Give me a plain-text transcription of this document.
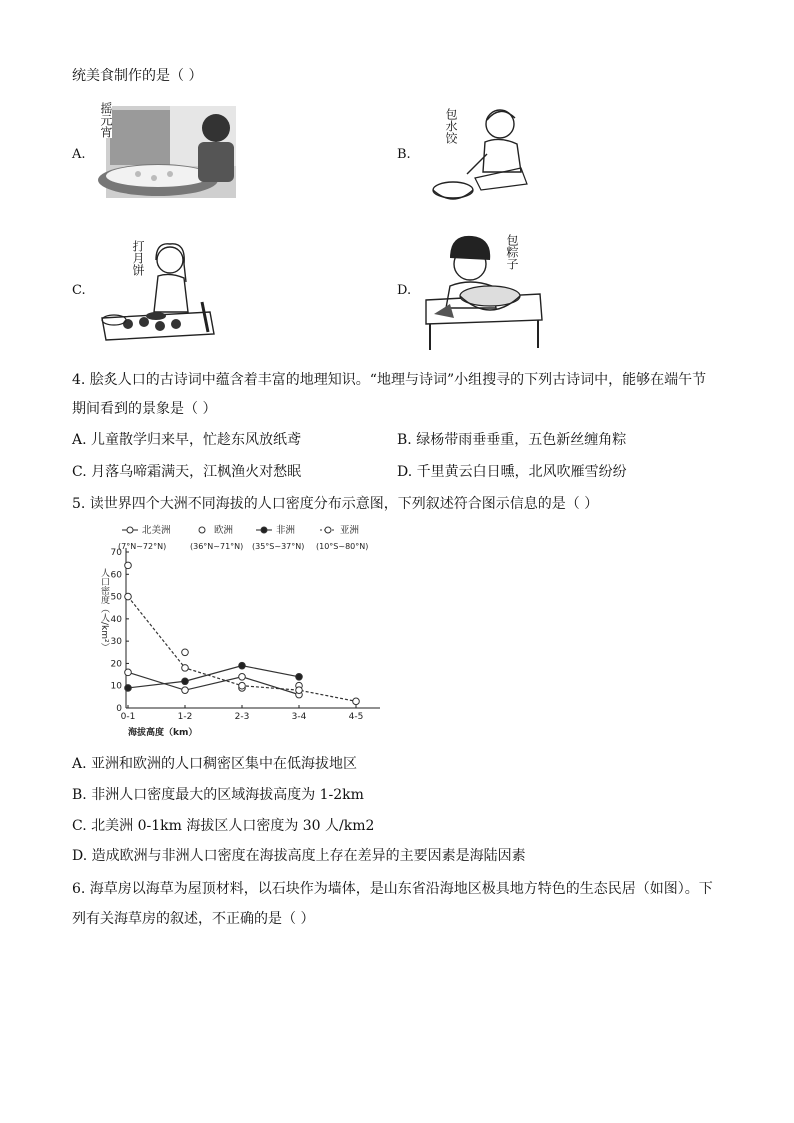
统美食制作的是（ ）
A.
摇元宵
B.
包水饺
C.
打月饼
D.
包粽子
4. 脍炙人口的古诗词中蕴含着丰富的地理知识。“地理与诗词”小组搜寻的下列古诗词中，能够在端午节
期间看到的景象是（ ）
A. 儿童散学归来早，忙趁东风放纸鸢	B. 绿杨带雨垂垂重，五色新丝缠角粽
C. 月落乌啼霜满天，江枫渔火对愁眠	D. 千里黄云白日曛，北风吹雁雪纷纷
5. 读世界四个大洲不同海拔的人口密度分布示意图，下列叙述符合图示信息的是（ ）
0
10
20
30
40
50
60
70
0-1	1-2	2-3	3-4	4-5
海拔高度（km）
人口密度（人/km²）
北美洲
(7°N~72°N)
欧洲
(36°N~71°N)
非洲
(35°S~37°N)
亚洲
(10°S~80°N)
A. 亚洲和欧洲的人口稠密区集中在低海拔地区
B. 非洲人口密度最大的区域海拔高度为 1-2km
C. 北美洲 0-1km 海拔区人口密度为 30 人/km2
D. 造成欧洲与非洲人口密度在海拔高度上存在差异的主要因素是海陆因素
6. 海草房以海草为屋顶材料，以石块作为墙体，是山东省沿海地区极具地方特色的生态民居（如图）。下
列有关海草房的叙述，不正确的是（ ）
